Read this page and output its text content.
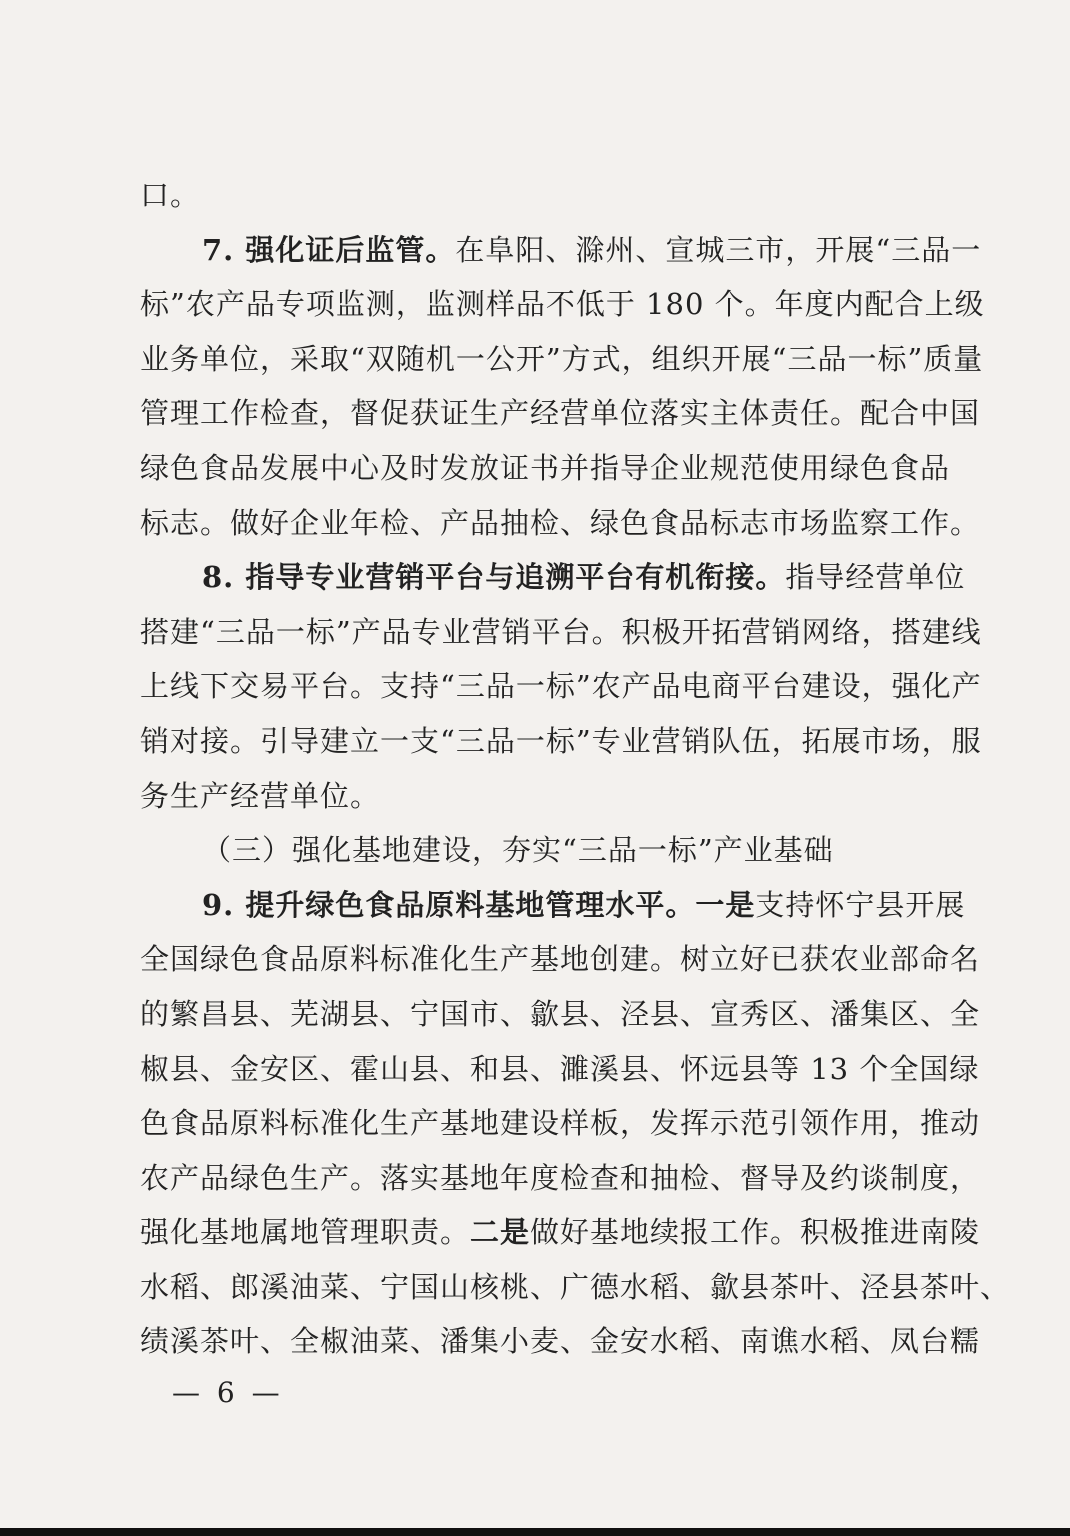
口。
7. 强化证后监管。在阜阳、滁州、宣城三市，开展“三品一
标”农产品专项监测，监测样品不低于 180 个。年度内配合上级
业务单位，采取“双随机一公开”方式，组织开展“三品一标”质量
管理工作检查，督促获证生产经营单位落实主体责任。配合中国
绿色食品发展中心及时发放证书并指导企业规范使用绿色食品
标志。做好企业年检、产品抽检、绿色食品标志市场监察工作。
8. 指导专业营销平台与追溯平台有机衔接。指导经营单位
搭建“三品一标”产品专业营销平台。积极开拓营销网络，搭建线
上线下交易平台。支持“三品一标”农产品电商平台建设，强化产
销对接。引导建立一支“三品一标”专业营销队伍，拓展市场，服
务生产经营单位。
（三）强化基地建设，夯实“三品一标”产业基础
9. 提升绿色食品原料基地管理水平。一是支持怀宁县开展
全国绿色食品原料标准化生产基地创建。树立好已获农业部命名
的繁昌县、芜湖县、宁国市、歙县、泾县、宣秀区、潘集区、全
椒县、金安区、霍山县、和县、濉溪县、怀远县等 13 个全国绿
色食品原料标准化生产基地建设样板，发挥示范引领作用，推动
农产品绿色生产。落实基地年度检查和抽检、督导及约谈制度，
强化基地属地管理职责。二是做好基地续报工作。积极推进南陵
水稻、郎溪油菜、宁国山核桃、广德水稻、歙县茶叶、泾县茶叶、
绩溪茶叶、全椒油菜、潘集小麦、金安水稻、南谯水稻、凤台糯
— 6 —
